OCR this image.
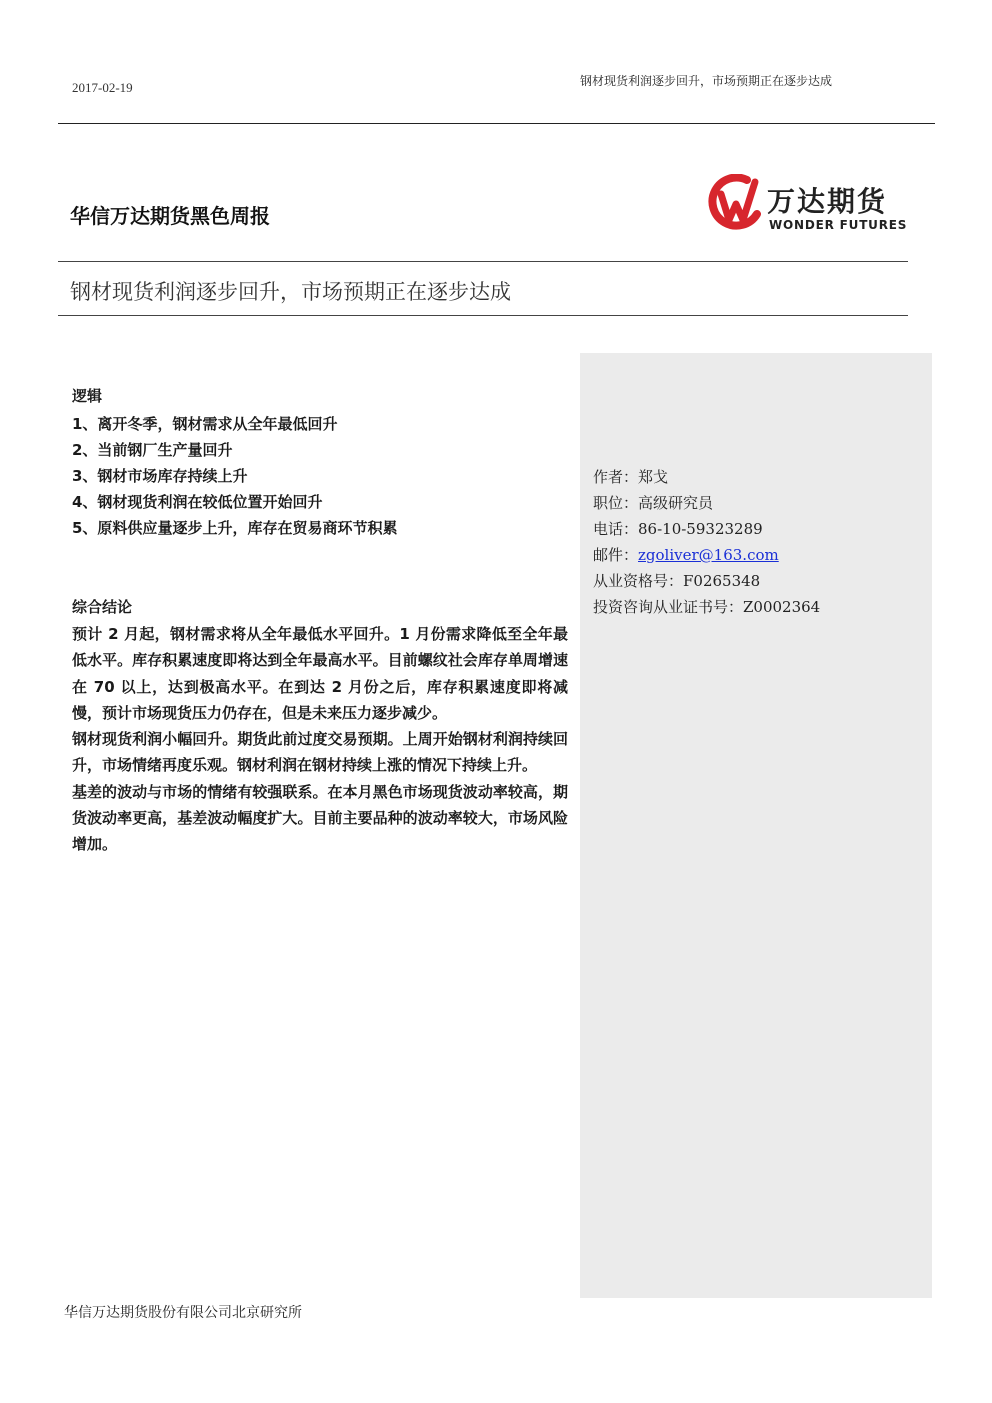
2017-02-19	钢材现货利润逐步回升，市场预期正在逐步达成
华信万达期货黑色周报	万达期货
WONDER FUTURES
钢材现货利润逐步回升，市场预期正在逐步达成
逻辑
1、离开冬季，钢材需求从全年最低回升
2、当前钢厂生产量回升
3、钢材市场库存持续上升
4、钢材现货利润在较低位置开始回升
5、原料供应量逐步上升，库存在贸易商环节积累
综合结论

预计 2 月起，钢材需求将从全年最低水平回升。1 月份需求降低至全年最低水平。库存积累速度即将达到全年最高水平。目前螺纹社会库存单周增速在 70 以上，达到极高水平。在到达 2 月份之后，库存积累速度即将减慢，预计市场现货压力仍存在，但是未来压力逐步减少。

钢材现货利润小幅回升。期货此前过度交易预期。上周开始钢材利润持续回升，市场情绪再度乐观。钢材利润在钢材持续上涨的情况下持续上升。

基差的波动与市场的情绪有较强联系。在本月黑色市场现货波动率较高，期货波动率更高，基差波动幅度扩大。目前主要品种的波动率较大，市场风险增加。

作者：郑戈
职位：高级研究员
电话：86-10-59323289
邮件：zgoliver@163.com
从业资格号：F0265348
投资咨询从业证书号：Z0002364
华信万达期货股份有限公司北京研究所
